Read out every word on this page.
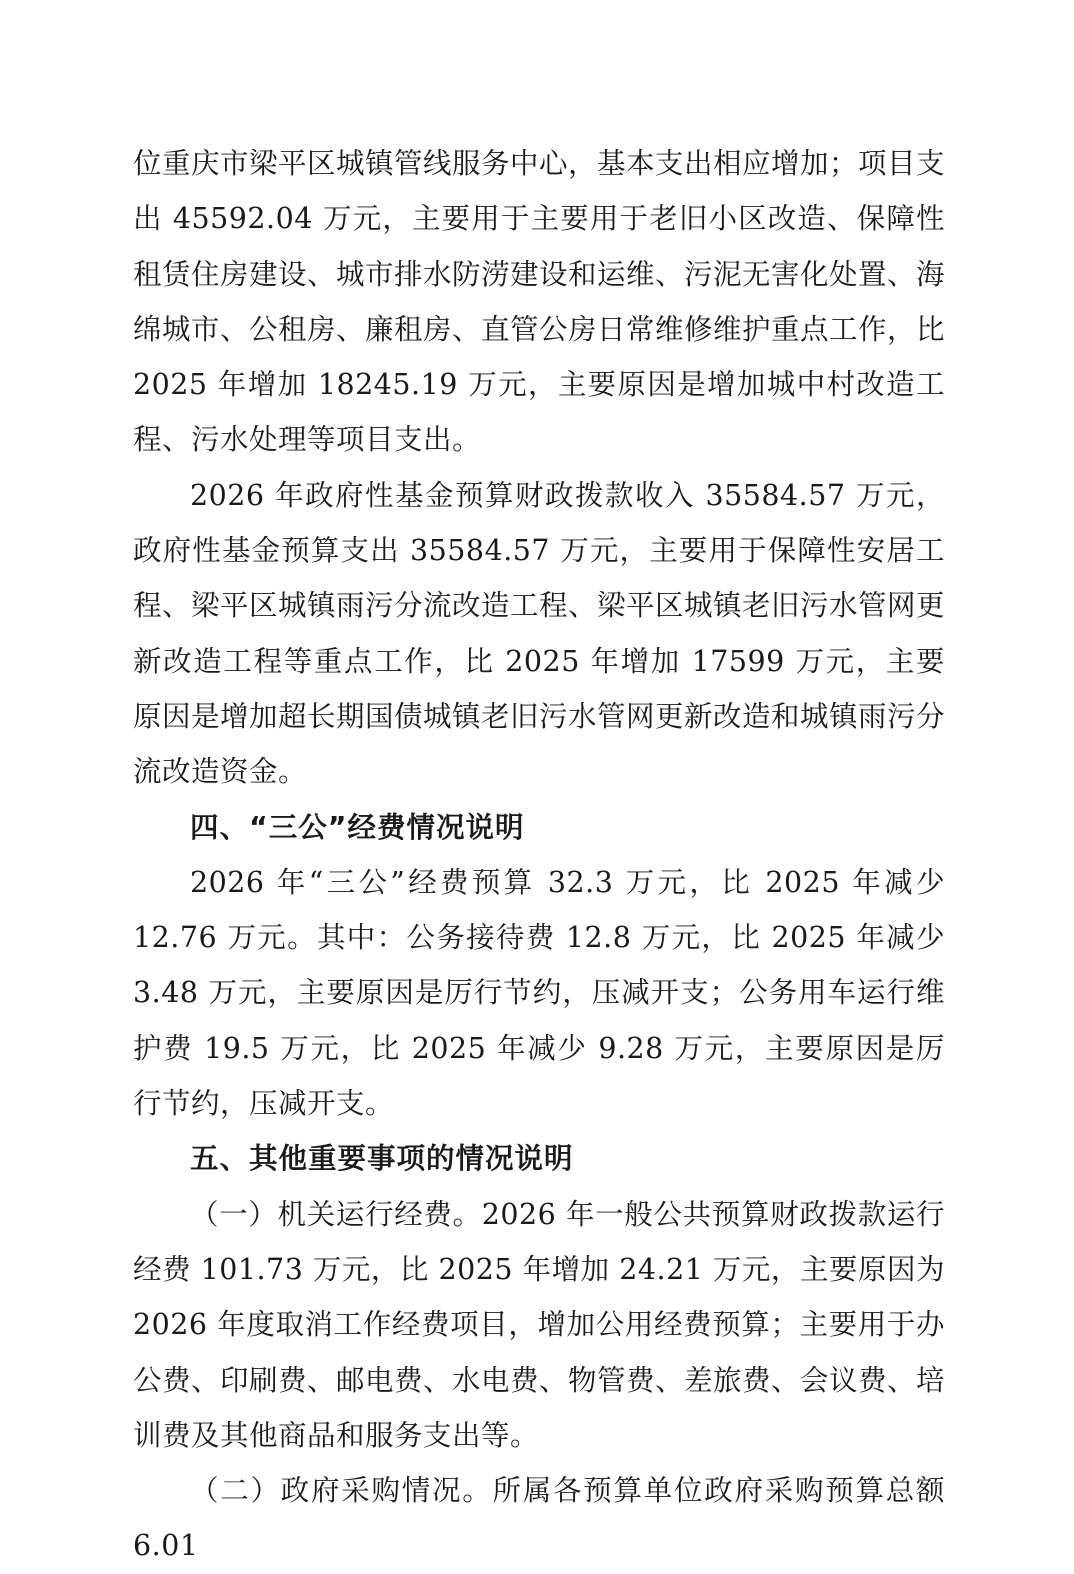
位重庆市梁平区城镇管线服务中心，基本支出相应增加；项目支出 45592.04 万元，主要用于主要用于老旧小区改造、保障性租赁住房建设、城市排水防涝建设和运维、污泥无害化处置、海绵城市、公租房、廉租房、直管公房日常维修维护重点工作，比 2025 年增加 18245.19 万元，主要原因是增加城中村改造工程、污水处理等项目支出。

2026 年政府性基金预算财政拨款收入 35584.57 万元，政府性基金预算支出 35584.57 万元，主要用于保障性安居工程、梁平区城镇雨污分流改造工程、梁平区城镇老旧污水管网更新改造工程等重点工作，比 2025 年增加 17599 万元，主要原因是增加超长期国债城镇老旧污水管网更新改造和城镇雨污分流改造资金。

四、“三公”经费情况说明

2026 年“三公”经费预算 32.3 万元，比 2025 年减少 12.76 万元。其中：公务接待费 12.8 万元，比 2025 年减少 3.48 万元，主要原因是厉行节约，压减开支；公务用车运行维护费 19.5 万元，比 2025 年减少 9.28 万元，主要原因是厉行节约，压减开支。

五、其他重要事项的情况说明

（一）机关运行经费。2026 年一般公共预算财政拨款运行经费 101.73 万元，比 2025 年增加 24.21 万元，主要原因为 2026 年度取消工作经费项目，增加公用经费预算；主要用于办公费、印刷费、邮电费、水电费、物管费、差旅费、会议费、培训费及其他商品和服务支出等。

（二）政府采购情况。所属各预算单位政府采购预算总额 6.01
